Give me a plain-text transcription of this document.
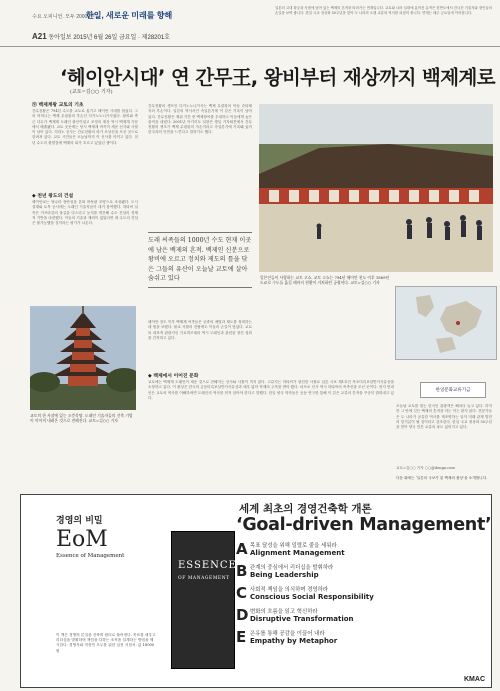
수요 오피니언. 모두 20000원
한일, 새로운 미래를 향해
A21 동아일보 2015년 6월 26일 금요일 · 제28201호
일본의 고대 왕궁과 사찰에 남아 있는 백제의 흔적을 따라가는 연재입니다. 교토와 나라 일대에 흩어진 유적은 한반도에서 건너간 기술자와 장인들의 손길을 보여 줍니다. 한일 국교 정상화 50주년을 맞아 두 나라의 오랜 교류의 역사를 되짚어 봅니다. 연재는 매주 금요일에 이어집니다.
‘헤이안시대’ 연 간무王, 왕비부터 재상까지 백제계로
(교토=김○○ 기자)
⑨ 백제계왕 교토의 기초
간무천황은 794년 수도를 교토로 옮기고 헤이안 시대를 열었다. 그의 어머니는 백제 무령왕의 후손인 다카노노니가사였다. 왕비와 측근 다수가 백제계 도래인 출신이었고 조정의 재상 역시 백제계 가문에서 배출됐다. 교토 곳곳에는 당시 백제계 씨족이 세운 신사와 사찰이 남아 있다. 히라노 신사는 간무천황의 외가 조상신을 모신 곳으로 알려져 있다. 교토 시민들은 오늘날까지 이 신사를 아끼고 있다. 천년 수도의 출발점에 백제의 피가 흐르고 있었던 셈이다.
◆ 천년 왕도의 건설
헤이안쿄는 당나라 장안성을 본떠 바둑판 모양으로 조성됐다. 도시 설계와 토목 공사에는 도래인 기술자들이 대거 참여했다. 하타씨 일족은 가쓰라강의 물길을 다스리고 농지를 개간해 수도 건설의 경제적 기반을 마련했다. 이들의 기술과 재력이 없었다면 새 수도의 건설은 불가능했을 것이라는 평가가 나온다.
교토의 한 사찰에 있는 오층목탑. 도래인 기술자들의 건축 기법이 이어져 내려온 것으로 전해진다. 교토=김○○ 기자
간무천황의 생모인 다카노노니가사는 백제 무령왕의 아들 순타태자의 후손이다. 일본의 역사서인 속일본기에 이 같은 기록이 남아 있다. 간무천황은 재위 기간 중 백제왕씨를 우대하고 이들에게 높은 관직을 내렸다. 2001년 아키히토 일왕은 생일 기자회견에서 간무천황의 생모가 백제 무령왕의 자손이라고 속일본기에 기록돼 있어 한국과의 인연을 느낀다고 말하기도 했다.
도래 씨족들의 1000년 수도 현재 이곳에 남은 백제의 흔적. 백제인 신분으로 왕비에 오르고 정치와 제도의 틀을 닦은 그들의 유산이 오늘날 교토에 살아 숨쉬고 있다
헤이안 천도 이후 백제계 씨족들은 궁중의 예법과 제도를 정비하는 데 힘을 보탰다. 불교 사찰의 건립에도 이들의 손길이 닿았다. 교토의 대표적 관광지인 기요미즈데라 역시 도래인과 관련된 창건 설화를 간직하고 있다.
일본인들이 사랑하는 교토 고쇼. 교토 고쇼는 794년 헤이안 천도 이후 1869년 도쿄로 수도를 옮길 때까지 천황이 거처하던 궁궐이다. 교토=김○○ 기자
◆ 백제에서 이어진 문화
교토에는 백제계 도래인이 세운 것으로 전해지는 신사와 사찰이 적지 않다. 고류지는 하타씨가 창건한 사찰로 일본 국보 제1호인 목조미륵보살반가사유상을 소장하고 있다. 이 불상은 한국의 금동미륵보살반가사유상과 매우 닮아 학계의 주목을 받아 왔다. 마쓰오 신사 역시 하타씨의 씨족신을 모신 곳이다. 현지 안내인은 교토의 역사를 이해하려면 도래인의 역사를 먼저 알아야 한다고 말했다. 한일 양국 학자들은 공동 연구를 통해 이 같은 교류의 흔적을 꾸준히 밝혀내고 있다.
오늘날 교토를 찾는 한국인 관광객은 해마다 늘고 있다. 하지만 그 안에 깃든 백제의 흔적을 아는 이는 많지 않다. 전문가들은 두 나라가 공유한 역사를 재조명하는 일이 미래 관계 발전의 밑거름이 될 것이라고 강조한다. 한일 국교 정상화 50주년을 맞아 양국 민간 교류의 폭도 넓어지고 있다.
교토=김○○ 기자 ○○@donga.com
다음 회에는 ‘일본의 국보가 된 백제의 불상’을 소개합니다.
한일문화교류기금
세계 최초의 경영건축학 개론
‘Goal-driven Management’
경영의 비밀
EoM
Essence of Management
이 책은 경영의 본질을 건축의 원리로 풀어낸다. 목표를 세우고 리더십을 발휘하며 책임을 다하는 조직을 설계하는 방법을 제시한다. 경영자와 직장인 모두를 위한 실천 지침서. 값 18000원
ESSENCE
OF MANAGEMENT
A 목표 달성을 위해 일렬로 줄을 세워라
Alignment Management
B 관계의 중심에서 리더십을 발휘하라
Being Leadership
C 사회적 책임을 의식하며 경영하라
Conscious Social Responsibility
D 변화의 흐름을 읽고 혁신하라
Disruptive Transformation
E 은유를 통해 공감을 이끌어 내라
Empathy by Metaphor
KMAC
